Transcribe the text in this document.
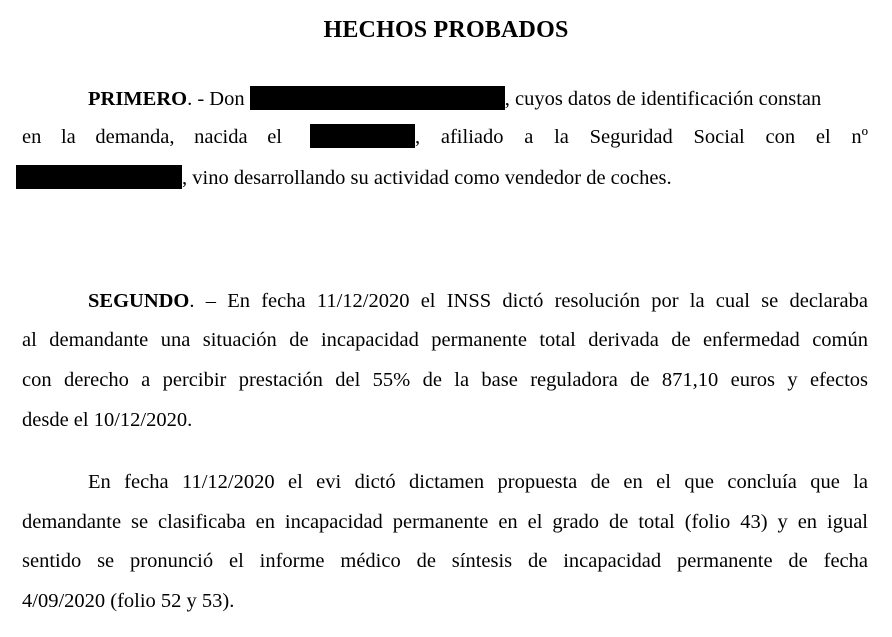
HECHOS PROBADOS
PRIMERO. - Don	, cuyos datos de identificación constan
en la demanda, nacida el	, afiliado a la Seguridad Social con el nº
, vino desarrollando su actividad como vendedor de coches.
SEGUNDO. – En fecha 11/12/2020 el INSS dictó resolución por la cual se declaraba
al demandante una situación de incapacidad permanente total derivada de enfermedad común
con derecho a percibir prestación del 55% de la base reguladora de 871,10 euros y efectos
desde el 10/12/2020.
En fecha 11/12/2020 el evi dictó dictamen propuesta de en el que concluía que la
demandante se clasificaba en incapacidad permanente en el grado de total (folio 43) y en igual
sentido se pronunció el informe médico de síntesis de incapacidad permanente de fecha
4/09/2020 (folio 52 y 53).
